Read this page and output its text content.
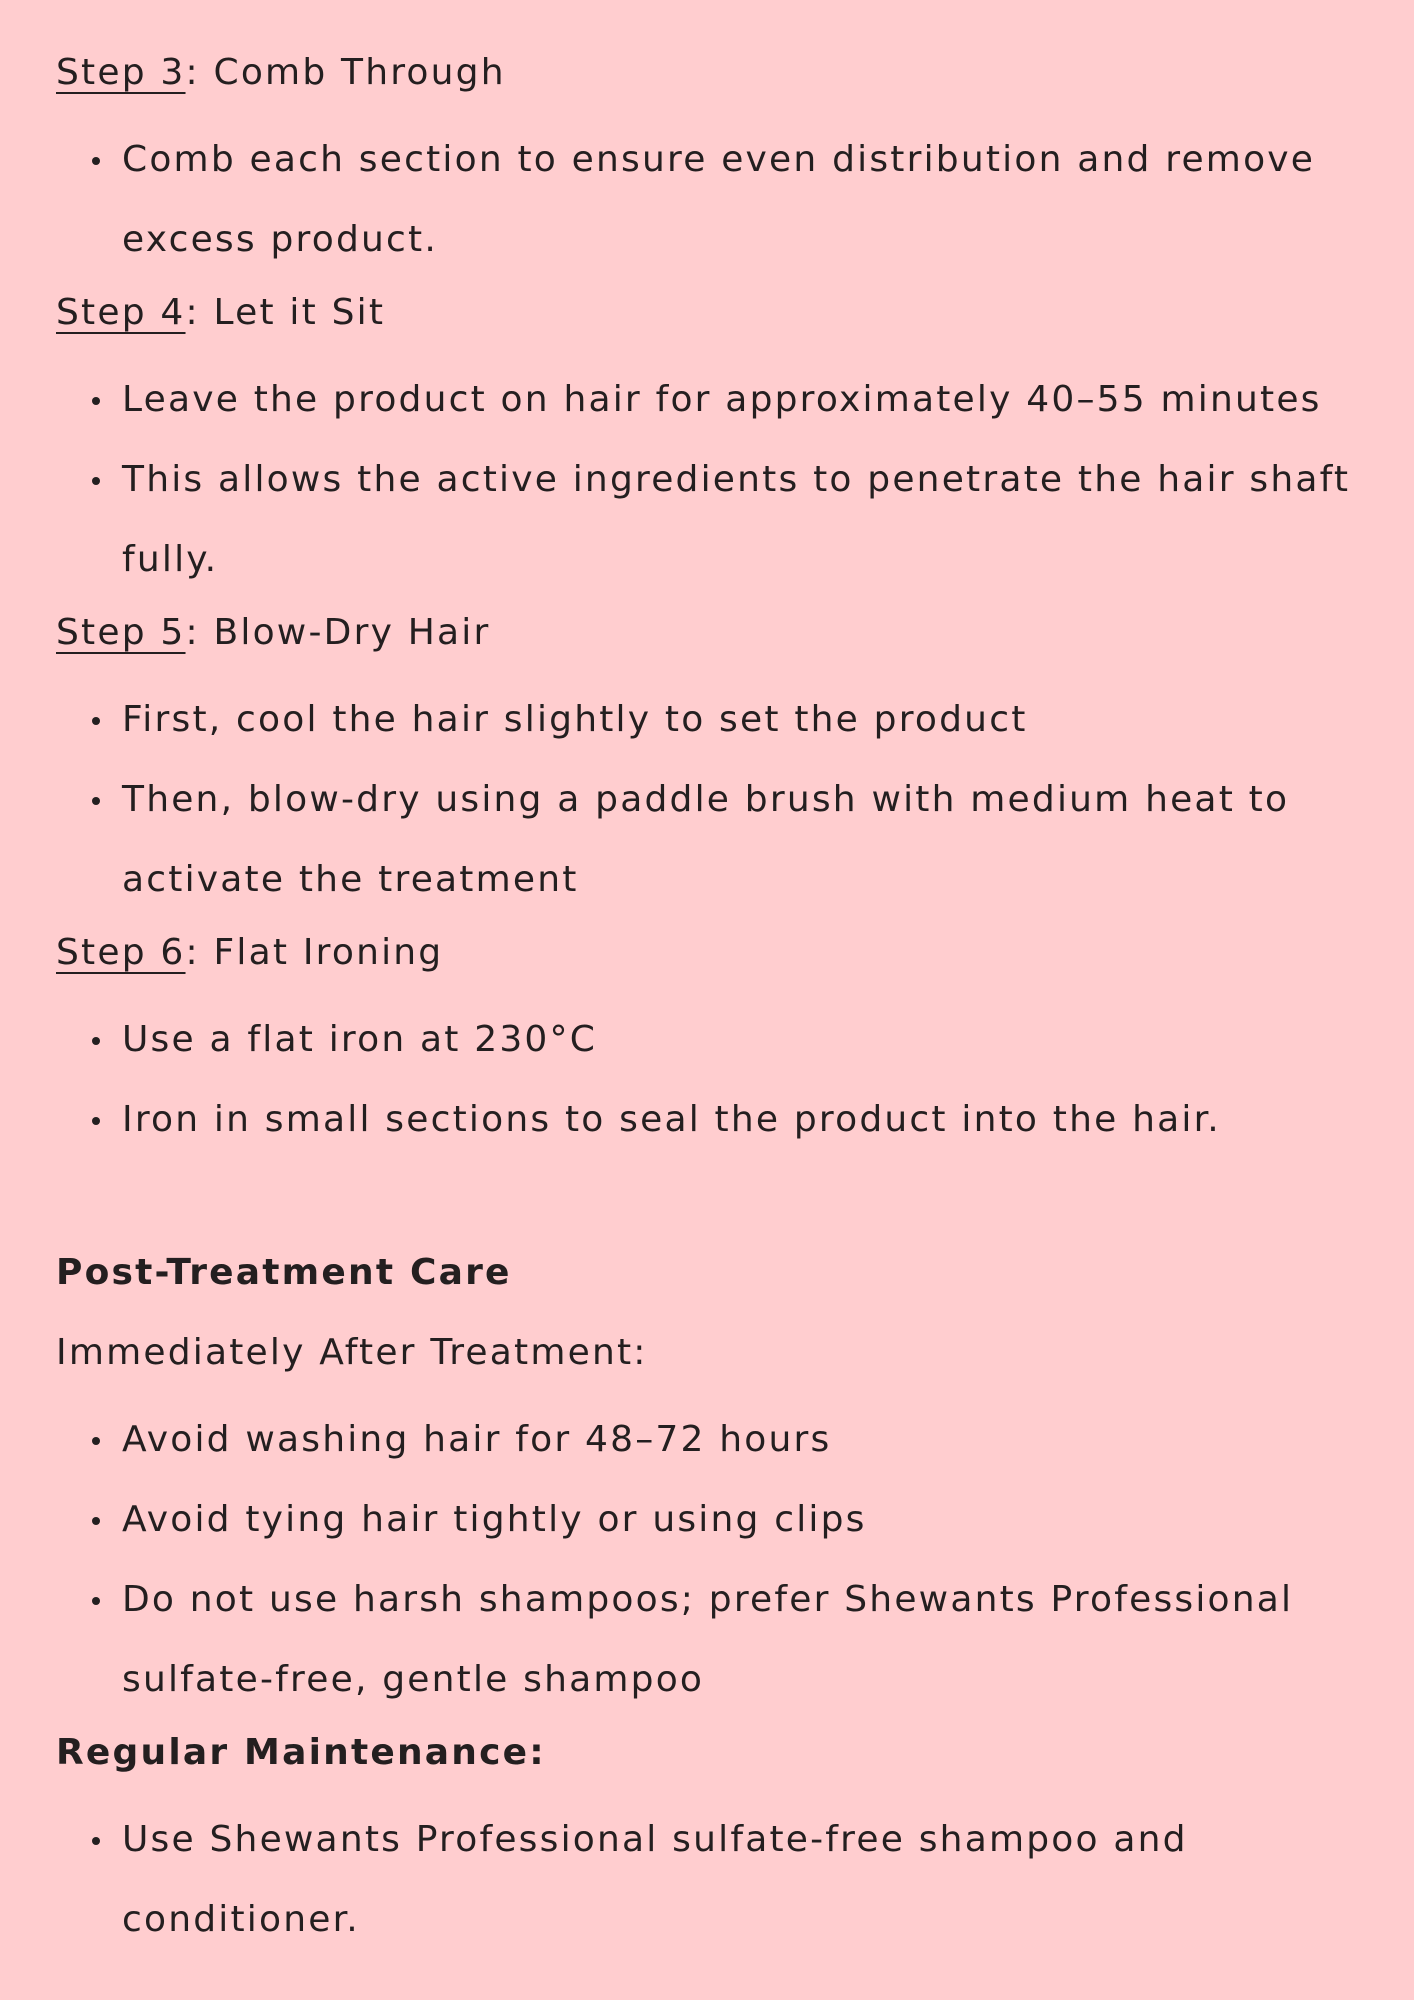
Step 3: Comb Through
Comb each section to ensure even distribution and remove excess product.
Step 4: Let it Sit
Leave the product on hair for approximately 40–55 minutes
This allows the active ingredients to penetrate the hair shaft fully.
Step 5: Blow-Dry Hair
First, cool the hair slightly to set the product
Then, blow-dry using a paddle brush with medium heat to activate the treatment
Step 6: Flat Ironing
Use a flat iron at 230°C
Iron in small sections to seal the product into the hair.
Post-Treatment Care
Immediately After Treatment:
Avoid washing hair for 48–72 hours
Avoid tying hair tightly or using clips
Do not use harsh shampoos; prefer Shewants Professional sulfate-free, gentle shampoo
Regular Maintenance:
Use Shewants Professional sulfate-free shampoo and conditioner.
